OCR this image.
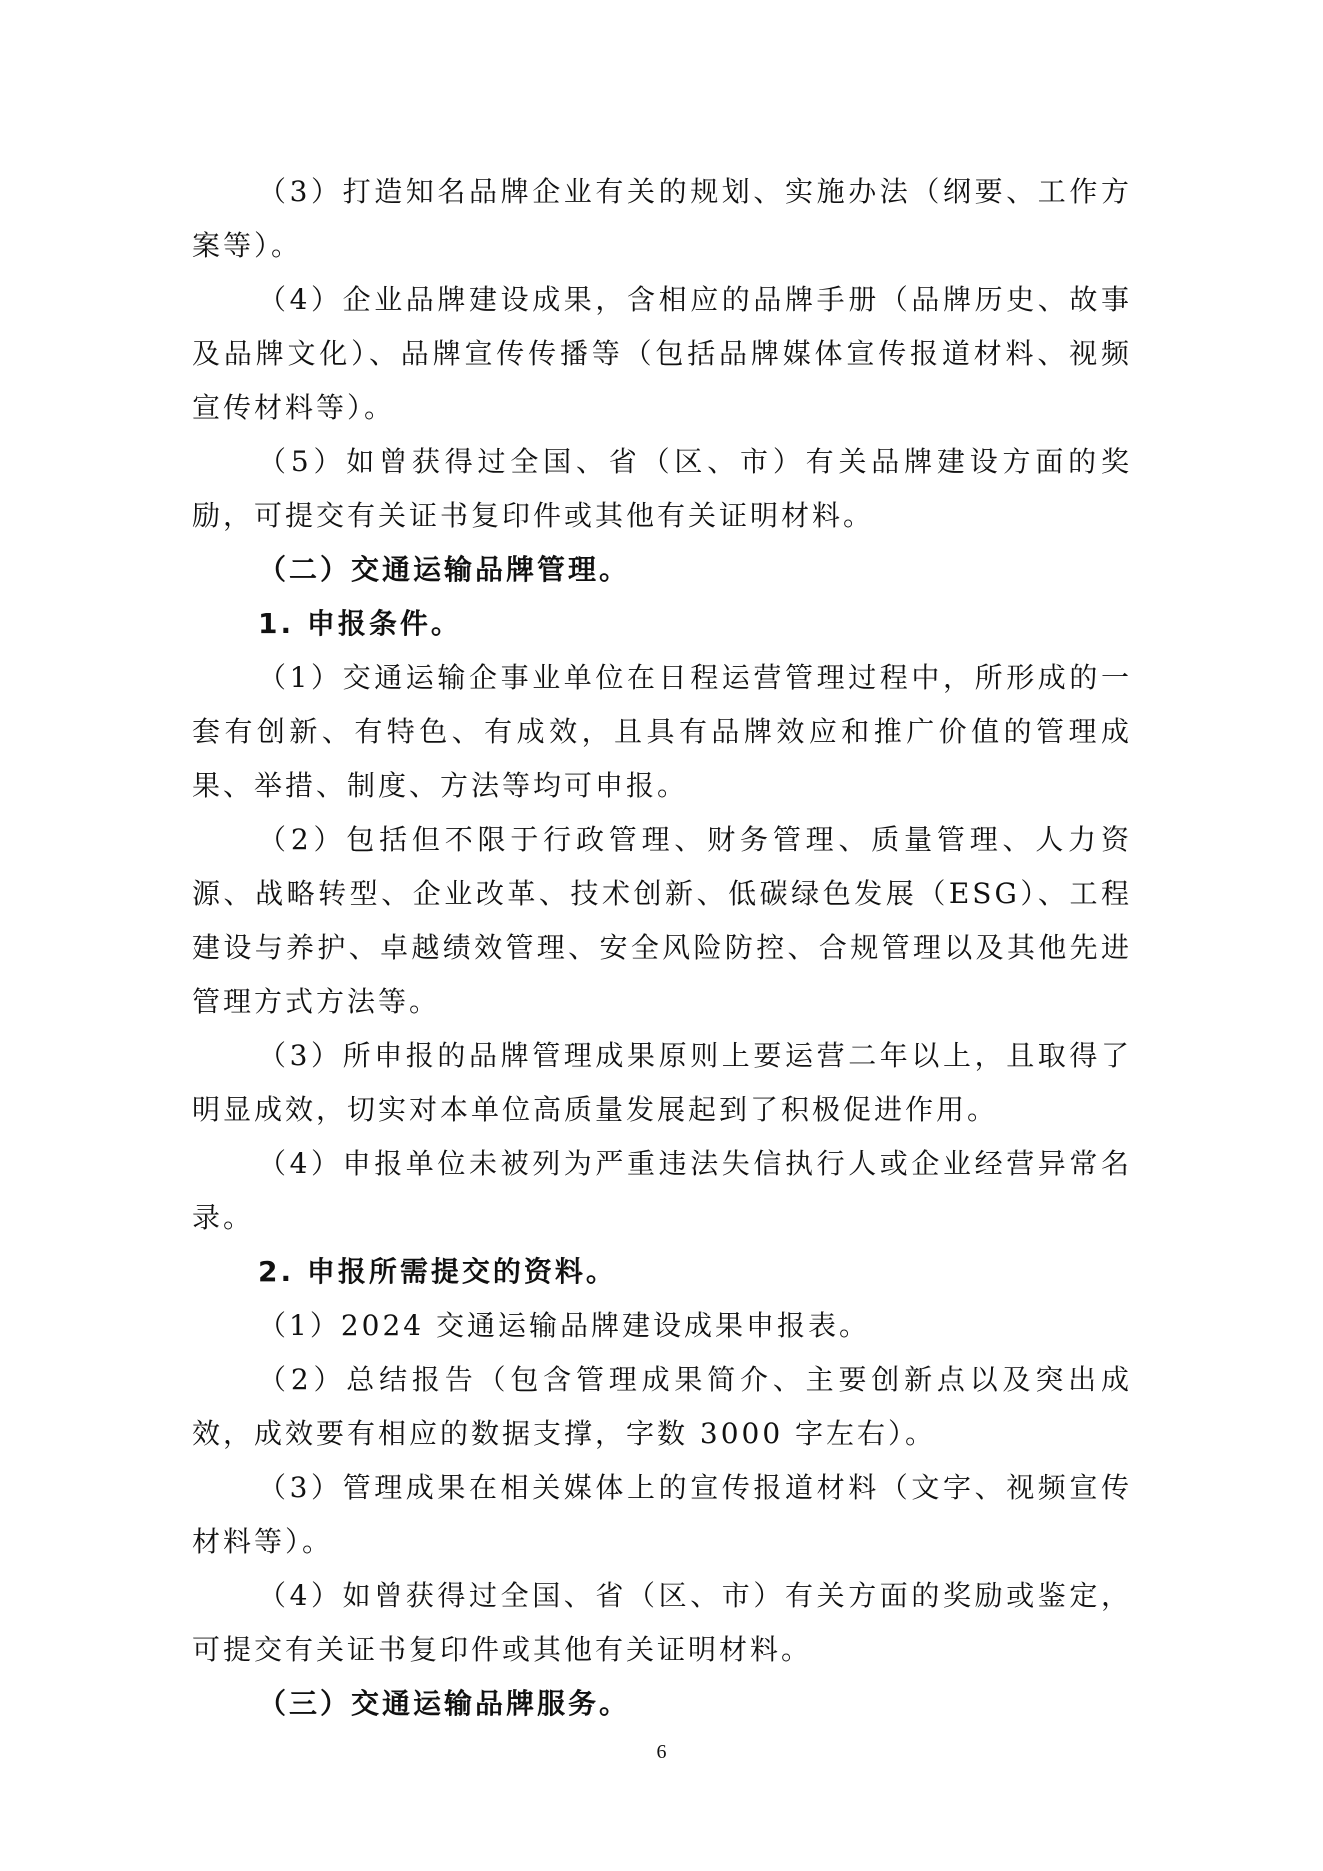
（3）打造知名品牌企业有关的规划、实施办法（纲要、工作方案等）。

（4）企业品牌建设成果，含相应的品牌手册（品牌历史、故事及品牌文化）、品牌宣传传播等（包括品牌媒体宣传报道材料、视频宣传材料等）。

（5）如曾获得过全国、省（区、市）有关品牌建设方面的奖励，可提交有关证书复印件或其他有关证明材料。

（二）交通运输品牌管理。

1. 申报条件。

（1）交通运输企事业单位在日程运营管理过程中，所形成的一套有创新、有特色、有成效，且具有品牌效应和推广价值的管理成果、举措、制度、方法等均可申报。

（2）包括但不限于行政管理、财务管理、质量管理、人力资源、战略转型、企业改革、技术创新、低碳绿色发展（ESG）、工程建设与养护、卓越绩效管理、安全风险防控、合规管理以及其他先进管理方式方法等。

（3）所申报的品牌管理成果原则上要运营二年以上，且取得了明显成效，切实对本单位高质量发展起到了积极促进作用。

（4）申报单位未被列为严重违法失信执行人或企业经营异常名录。

2. 申报所需提交的资料。

（1）2024 交通运输品牌建设成果申报表。

（2）总结报告（包含管理成果简介、主要创新点以及突出成效，成效要有相应的数据支撑，字数 3000 字左右）。

（3）管理成果在相关媒体上的宣传报道材料（文字、视频宣传材料等）。

（4）如曾获得过全国、省（区、市）有关方面的奖励或鉴定，可提交有关证书复印件或其他有关证明材料。

（三）交通运输品牌服务。

6
